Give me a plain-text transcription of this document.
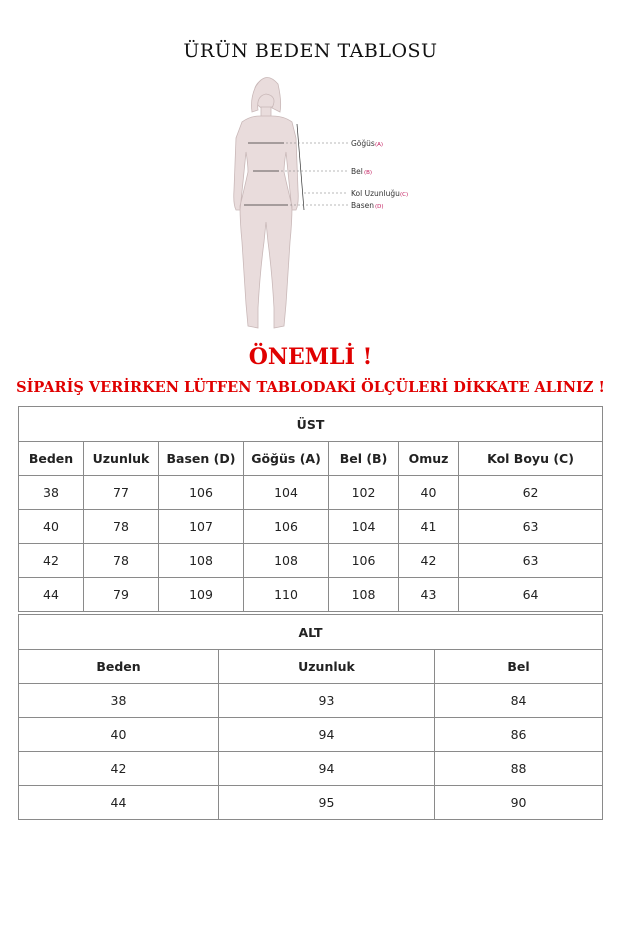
ÜRÜN BEDEN TABLOSU
Göğüs (A)
Bel (B)
Kol Uzunluğu (C)
Basen (D)
ÖNEMLİ !
SİPARİŞ VERİRKEN LÜTFEN TABLODAKİ ÖLÇÜLERİ DİKKATE ALINIZ !
ÜST						
Beden	Uzunluk	Basen (D)	Göğüs (A)	Bel (B)	Omuz	Kol Boyu (C)
38	77	106	104	102	40	62
40	78	107	106	104	41	63
42	78	108	108	106	42	63
44	79	109	110	108	43	64
ALT		
Beden	Uzunluk	Bel
38	93	84
40	94	86
42	94	88
44	95	90
